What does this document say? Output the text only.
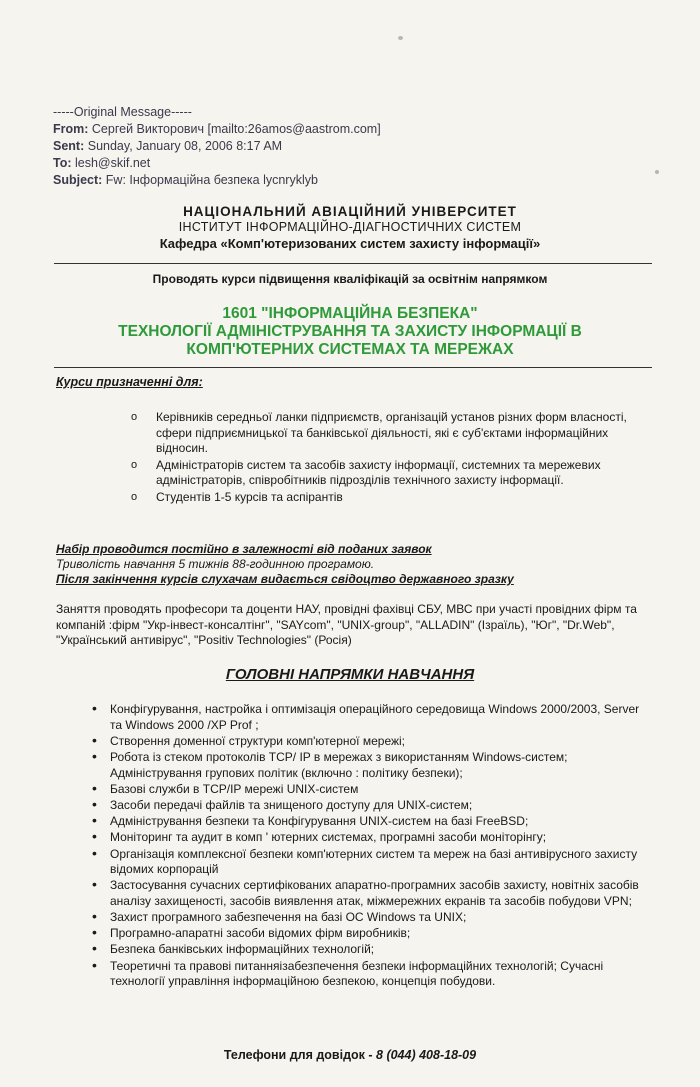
-----Original Message-----
From: Сергей Викторович [mailto:26amos@aastrom.com]
Sent: Sunday, January 08, 2006 8:17 AM
To: lesh@skif.net
Subject: Fw: Інформаційна безпека lycnryklyb
НАЦІОНАЛЬНИЙ АВІАЦІЙНИЙ УНІВЕРСИТЕТ
ІНСТИТУТ ІНФОРМАЦІЙНО-ДІАГНОСТИЧНИХ СИСТЕМ
Кафедра «Комп'ютеризованих систем захисту інформації»
Проводять курси підвищення кваліфікацій за освітнім напрямком
1601 "ІНФОРМАЦІЙНА БЕЗПЕКА"
ТЕХНОЛОГІЇ АДМІНІСТРУВАННЯ ТА ЗАХИСТУ ІНФОРМАЦІЇ В
КОМП'ЮТЕРНИХ СИСТЕМАХ ТА МЕРЕЖАХ
Курси призначенні для:
o Керівників середньої ланки підприємств, організацій установ різних форм власності, сфери підприємницької та банківської діяльності, які є суб'єктами інформаційних відносин.
o Адміністраторів систем та засобів захисту інформації, системних та мережевих адміністраторів, співробітників підрозділів технічного захисту інформації.
o Студентів 1-5 курсів та аспірантів
Набір проводится постійно в залежності від поданих заявок
Триволість навчання 5 тижнів 88-годинною програмою.
Після закінчення курсів слухачам видається свідоцтво державного зразку
Заняття проводять професори та доценти НАУ, провідні фахівці СБУ, МВС при участі провідних фірм та компаній :фірм "Укр-інвест-консалтінг", "SAYcom", "UNIX-group", "ALLADIN" (Ізраїль), "Юг", "Dr.Web", "Український антивірус", "Positiv Technologies" (Росія)
ГОЛОВНІ НАПРЯМКИ НАВЧАННЯ
• Конфігурування, настройка і оптимізація операційного середовища Windows 2000/2003, Server та Windows 2000 /XP Prof ;
• Створення доменної структури комп'ютерної мережі;
• Робота із стеком протоколів TCP/ IP в мережах з використанням Windows-систем; Адміністрування групових політик (включно : політику безпеки);
• Базові служби в TCP/IP мережі UNIX-систем
• Засоби передачі файлів та знищеного доступу для UNIX-систем;
• Адміністрування безпеки та Конфігурування UNIX-систем на базі FreeBSD;
• Моніторинг та аудит в комп ' ютерних системах, програмні засоби моніторінгу;
• Організація комплексної безпеки комп'ютерних систем та мереж на базі антивірусного захисту відомих корпорацій
• Застосування сучасних сертифікованих апаратно-програмних засобів захисту, новітніх засобів аналізу захищеності, засобів виявлення атак, міжмережних екранів та засобів побудови VPN;
• Захист програмного забезпечення на базі ОС Windows та UNIX;
• Програмно-апаратні засоби відомих фірм виробників;
• Безпека банківських інформаційних технологій;
• Теоретичні та правові питанняізабезпечення безпеки інформаційних технологій; Сучасні технології управління інформаційною безпекою, концепція побудови.
Телефони для довідок - 8 (044) 408-18-09
